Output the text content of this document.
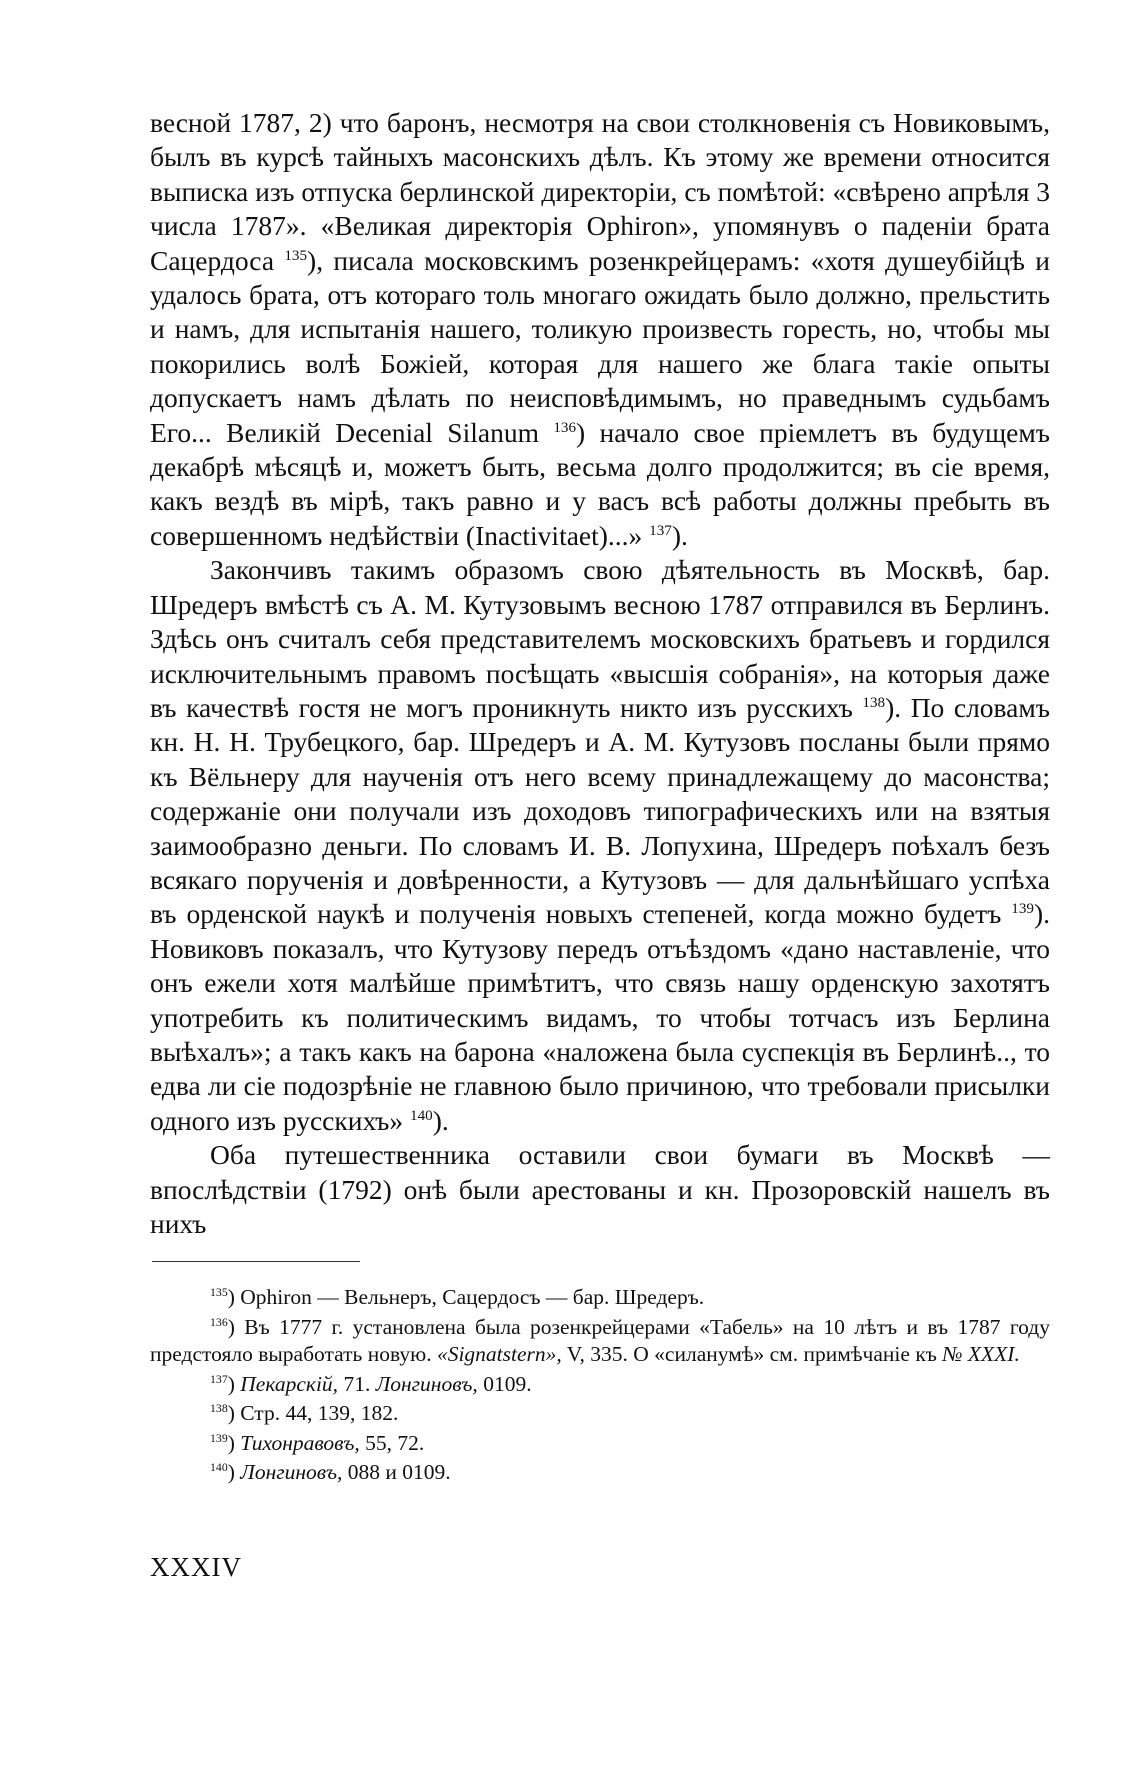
весной 1787, 2) что баронъ, несмотря на свои столкновенія съ Новиковымъ, былъ въ курсѣ тайныхъ масонскихъ дѣлъ. Къ этому же времени относится выписка изъ отпуска берлинской директоріи, съ помѣтой: «свѣрено апрѣля 3 числа 1787». «Великая директорія Ophiron», упомянувъ о паденіи брата Сацердоса $^{135}$), писала московскимъ розенкрейцерамъ: «хотя душеубійцѣ и удалось брата, отъ котораго толь многаго ожидать было должно, прельстить и намъ, для испытанія нашего, толикую произвесть горесть, но, чтобы мы покорились волѣ Божіей, которая для нашего же блага такіе опыты допускаетъ намъ дѣлать по неисповѣдимымъ, но праведнымъ судьбамъ Его... Великій Decenial Silanum $^{136}$) начало свое пріемлетъ въ будущемъ декабрѣ мѣсяцѣ и, можетъ быть, весьма долго продолжится; въ сіе время, какъ вездѣ въ мірѣ, такъ равно и у васъ всѣ работы должны пребыть въ совершенномъ недѣйствіи (Inactivitaet)...» $^{137}$).

Закончивъ такимъ образомъ свою дѣятельность въ Москвѣ, бар. Шредеръ вмѣстѣ съ А. М. Кутузовымъ весною 1787 отправился въ Берлинъ. Здѣсь онъ считалъ себя представителемъ московскихъ братьевъ и гордился исключительнымъ правомъ посѣщать «высшія собранія», на которыя даже въ качествѣ гостя не могъ проникнуть никто изъ русскихъ $^{138}$). По словамъ кн. Н. Н. Трубецкого, бар. Шредеръ и А. М. Кутузовъ посланы были прямо къ Вёльнеру для наученія отъ него всему принадлежащему до масонства; содержаніе они получали изъ доходовъ типографическихъ или на взятыя заимообразно деньги. По словамъ И. В. Лопухина, Шредеръ поѣхалъ безъ всякаго порученія и довѣренности, а Кутузовъ — для дальнѣйшаго успѣха въ орденской наукѣ и полученія новыхъ степеней, когда можно будетъ $^{139}$). Новиковъ показалъ, что Кутузову передъ отъѣздомъ «дано наставленіе, что онъ ежели хотя малѣйше примѣтитъ, что связь нашу орденскую захотятъ употребить къ политическимъ видамъ, то чтобы тотчасъ изъ Берлина выѣхалъ»; а такъ какъ на барона «наложена была суспекція въ Берлинѣ.., то едва ли сіе подозрѣніе не главною было причиною, что требовали присылки одного изъ русскихъ» $^{140}$).

Оба путешественника оставили свои бумаги въ Москвѣ — впослѣдствіи (1792) онѣ были арестованы и кн. Прозоровскій нашелъ въ нихъ

$^{135}$) Ophiron — Вельнеръ, Сацердосъ — бар. Шредеръ.
$^{136}$) Въ 1777 г. установлена была розенкрейцерами «Табель» на 10 лѣтъ и въ 1787 году предстояло выработать новую. «Signatstern», V, 335. О «силанумѣ» см. примѣчаніе къ № XXXI.
$^{137}$) Пекарскій, 71. Лонгиновъ, 0109.
$^{138}$) Стр. 44, 139, 182.
$^{139}$) Тихонравовъ, 55, 72.
$^{140}$) Лонгиновъ, 088 и 0109.
XXXIV
